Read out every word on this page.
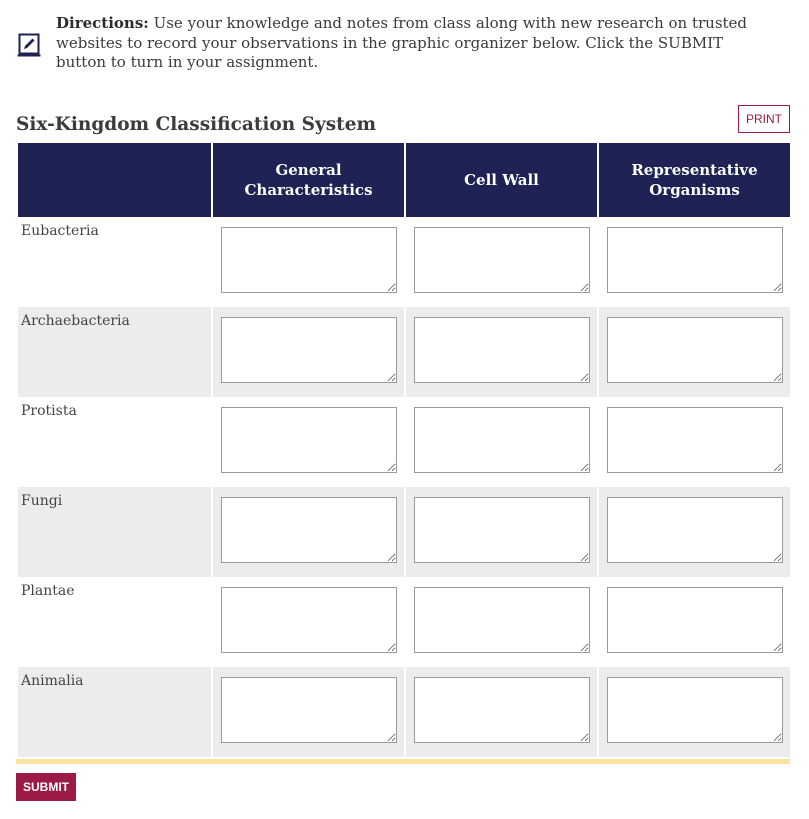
Directions: Use your knowledge and notes from class along with new research on trusted websites to record your observations in the graphic organizer below. Click the SUBMIT button to turn in your assignment.
Six-Kingdom Classification System	PRINT
	General Characteristics	Cell Wall	Representative Organisms
Eubacteria	

Archaebacteria	

Protista	

Fungi	

Plantae	

Animalia	

SUBMIT
